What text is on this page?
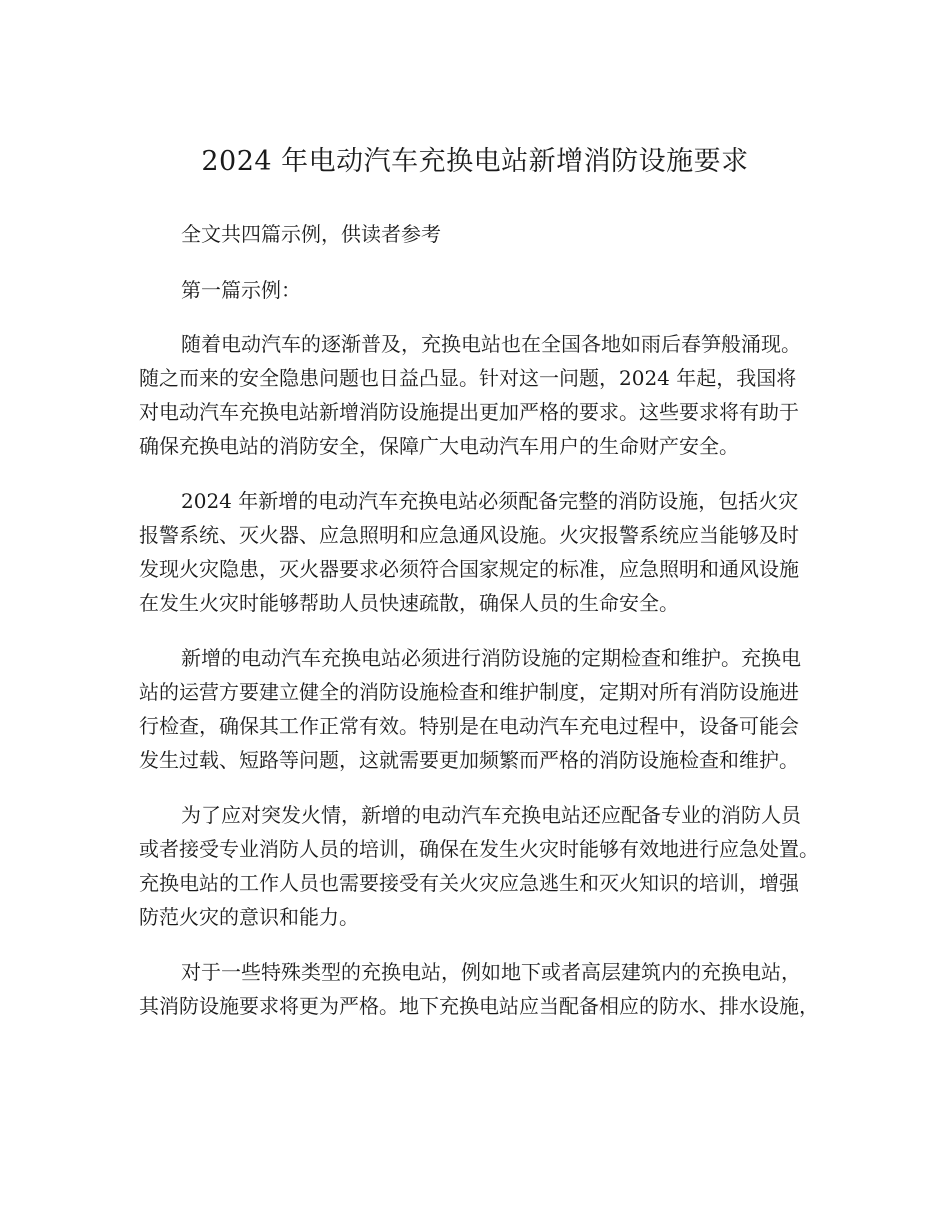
2024 年电动汽车充换电站新增消防设施要求

全文共四篇示例，供读者参考

第一篇示例：

随着电动汽车的逐渐普及，充换电站也在全国各地如雨后春笋般涌现。

随之而来的安全隐患问题也日益凸显。针对这一问题，2024 年起，我国将

对电动汽车充换电站新增消防设施提出更加严格的要求。这些要求将有助于

确保充换电站的消防安全，保障广大电动汽车用户的生命财产安全。

2024 年新增的电动汽车充换电站必须配备完整的消防设施，包括火灾

报警系统、灭火器、应急照明和应急通风设施。火灾报警系统应当能够及时

发现火灾隐患，灭火器要求必须符合国家规定的标准，应急照明和通风设施

在发生火灾时能够帮助人员快速疏散，确保人员的生命安全。

新增的电动汽车充换电站必须进行消防设施的定期检查和维护。充换电

站的运营方要建立健全的消防设施检查和维护制度，定期对所有消防设施进

行检查，确保其工作正常有效。特别是在电动汽车充电过程中，设备可能会

发生过载、短路等问题，这就需要更加频繁而严格的消防设施检查和维护。

为了应对突发火情，新增的电动汽车充换电站还应配备专业的消防人员

或者接受专业消防人员的培训，确保在发生火灾时能够有效地进行应急处置。

充换电站的工作人员也需要接受有关火灾应急逃生和灭火知识的培训，增强

防范火灾的意识和能力。

对于一些特殊类型的充换电站，例如地下或者高层建筑内的充换电站，

其消防设施要求将更为严格。地下充换电站应当配备相应的防水、排水设施，
